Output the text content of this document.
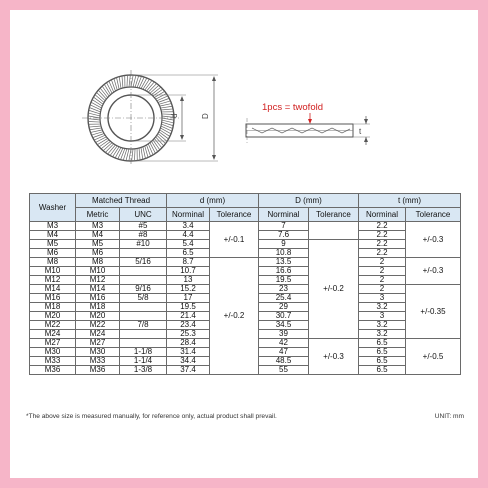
d	D
1pcs = twofold
t
Washer	Matched Thread		d (mm)		D (mm)		t (mm)	
	Metric	UNC	Norminal	Tolerance	Norminal	Tolerance	Norminal	Tolerance
M3	M3	#5	3.4	+/-0.1	7		2.2	+/-0.3
M4	M4	#8	4.4		7.6		2.2	
M5	M5	#10	5.4		9	+/-0.2	2.2	
M6	M6		6.5		10.8		2.2	
M8	M8	5/16	8.7	+/-0.2	13.5		2	+/-0.3
M10	M10		10.7		16.6		2	
M12	M12		13		19.5		2	
M14	M14	9/16	15.2		23		2	+/-0.35
M16	M16	5/8	17		25.4		3	
M18	M18		19.5		29		3.2	
M20	M20		21.4		30.7		3	
M22	M22	7/8	23.4		34.5		3.2	
M24	M24		25.3		39		3.2	
M27	M27		28.4		42	+/-0.3	6.5	+/-0.5
M30	M30	1-1/8	31.4		47		6.5	
M33	M33	1-1/4	34.4		48.5		6.5	
M36	M36	1-3/8	37.4		55		6.5	
*The above size is measured manually, for reference only, actual product shall prevail.	UNIT: mm
